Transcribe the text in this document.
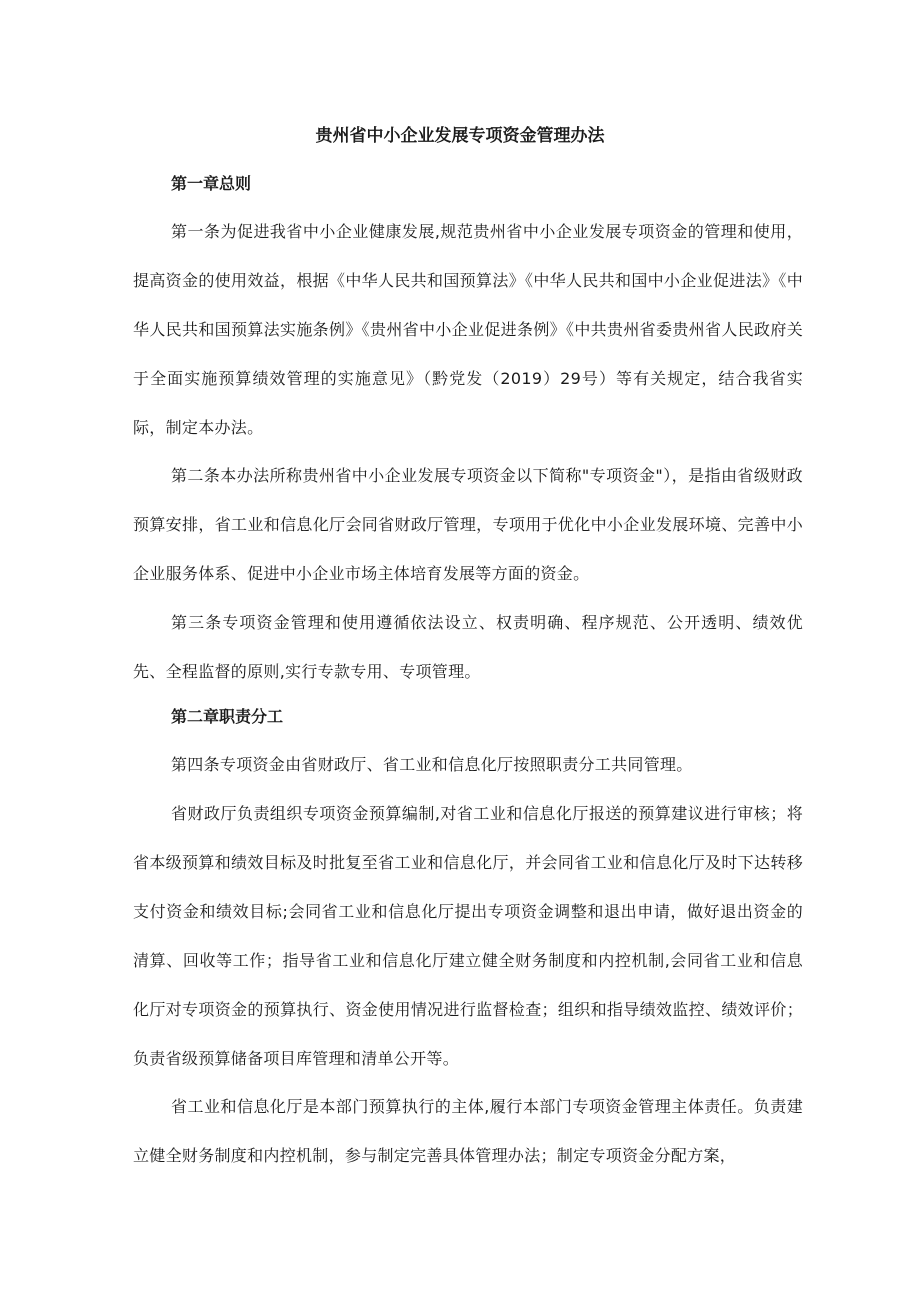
贵州省中小企业发展专项资金管理办法
第一章总则

第一条为促进我省中小企业健康发展,规范贵州省中小企业发展专项资金的管理和使用，提高资金的使用效益，根据《中华人民共和国预算法》《中华人民共和国中小企业促进法》《中华人民共和国预算法实施条例》《贵州省中小企业促进条例》《中共贵州省委贵州省人民政府关于全面实施预算绩效管理的实施意见》（黔党发（2019）29号）等有关规定，结合我省实际，制定本办法。

第二条本办法所称贵州省中小企业发展专项资金以下简称"专项资金"），是指由省级财政预算安排，省工业和信息化厅会同省财政厅管理，专项用于优化中小企业发展环境、完善中小企业服务体系、促进中小企业市场主体培育发展等方面的资金。

第三条专项资金管理和使用遵循依法设立、权责明确、程序规范、公开透明、绩效优先、全程监督的原则,实行专款专用、专项管理。

第二章职责分工

第四条专项资金由省财政厅、省工业和信息化厅按照职责分工共同管理。

省财政厅负责组织专项资金预算编制,对省工业和信息化厅报送的预算建议进行审核；将省本级预算和绩效目标及时批复至省工业和信息化厅，并会同省工业和信息化厅及时下达转移支付资金和绩效目标;会同省工业和信息化厅提出专项资金调整和退出申请，做好退出资金的清算、回收等工作；指导省工业和信息化厅建立健全财务制度和内控机制,会同省工业和信息化厅对专项资金的预算执行、资金使用情况进行监督检查；组织和指导绩效监控、绩效评价；负责省级预算储备项目库管理和清单公开等。

省工业和信息化厅是本部门预算执行的主体,履行本部门专项资金管理主体责任。负责建立健全财务制度和内控机制，参与制定完善具体管理办法；制定专项资金分配方案，
